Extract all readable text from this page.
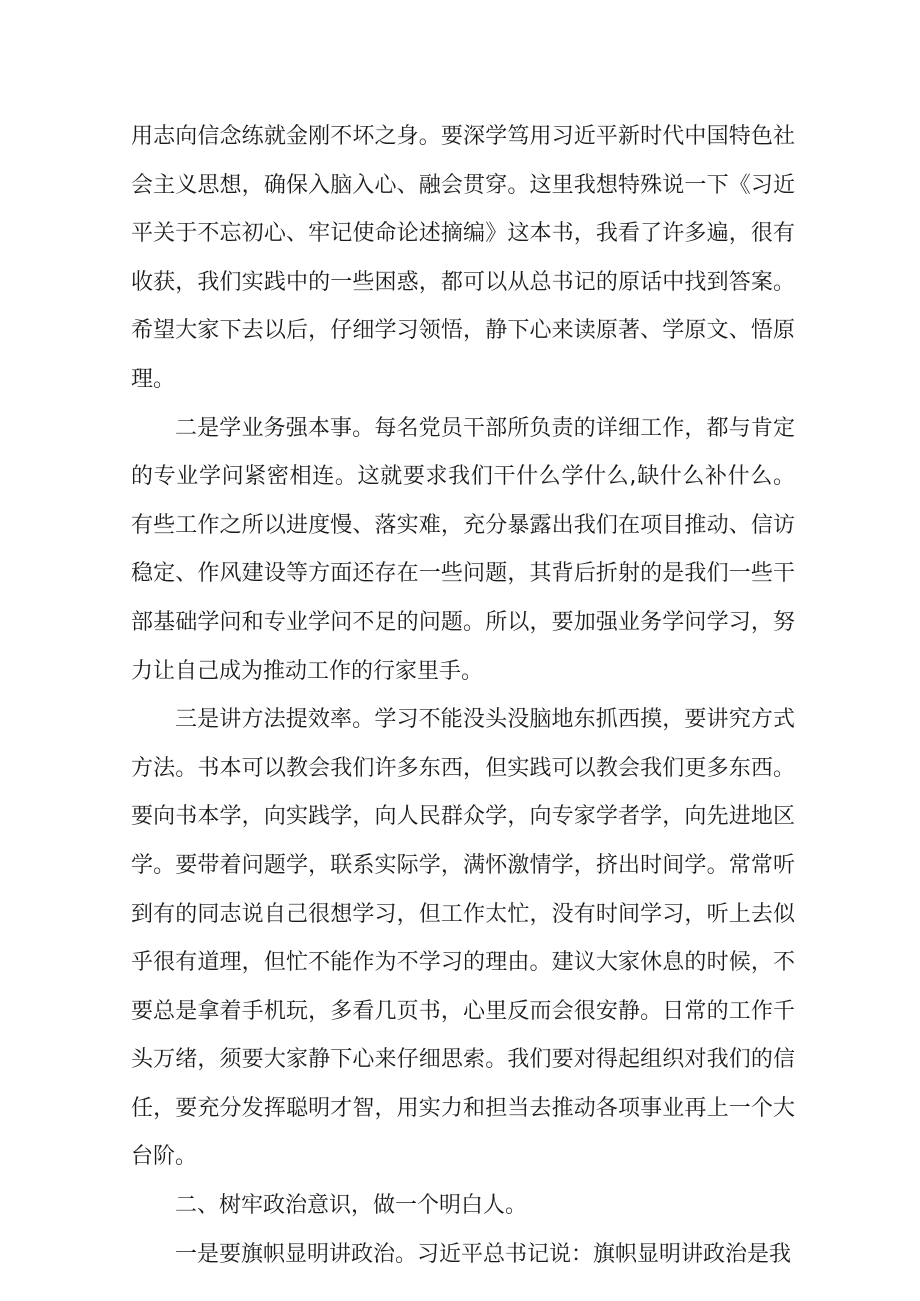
用志向信念练就金刚不坏之身。要深学笃用习近平新时代中国特色社会主义思想，确保入脑入心、融会贯穿。这里我想特殊说一下《习近平关于不忘初心、牢记使命论述摘编》这本书，我看了许多遍，很有收获，我们实践中的一些困惑，都可以从总书记的原话中找到答案。希望大家下去以后，仔细学习领悟，静下心来读原著、学原文、悟原理。

二是学业务强本事。每名党员干部所负责的详细工作，都与肯定的专业学问紧密相连。这就要求我们干什么学什么,缺什么补什么。有些工作之所以进度慢、落实难，充分暴露出我们在项目推动、信访稳定、作风建设等方面还存在一些问题，其背后折射的是我们一些干部基础学问和专业学问不足的问题。所以，要加强业务学问学习，努力让自己成为推动工作的行家里手。

三是讲方法提效率。学习不能没头没脑地东抓西摸，要讲究方式方法。书本可以教会我们许多东西，但实践可以教会我们更多东西。要向书本学，向实践学，向人民群众学，向专家学者学，向先进地区学。要带着问题学，联系实际学，满怀激情学，挤出时间学。常常听到有的同志说自己很想学习，但工作太忙，没有时间学习，听上去似乎很有道理，但忙不能作为不学习的理由。建议大家休息的时候，不要总是拿着手机玩，多看几页书，心里反而会很安静。日常的工作千头万绪，须要大家静下心来仔细思索。我们要对得起组织对我们的信任，要充分发挥聪明才智，用实力和担当去推动各项事业再上一个大台阶。

二、树牢政治意识，做一个明白人。

一是要旗帜显明讲政治。习近平总书记说：旗帜显明讲政治是我
